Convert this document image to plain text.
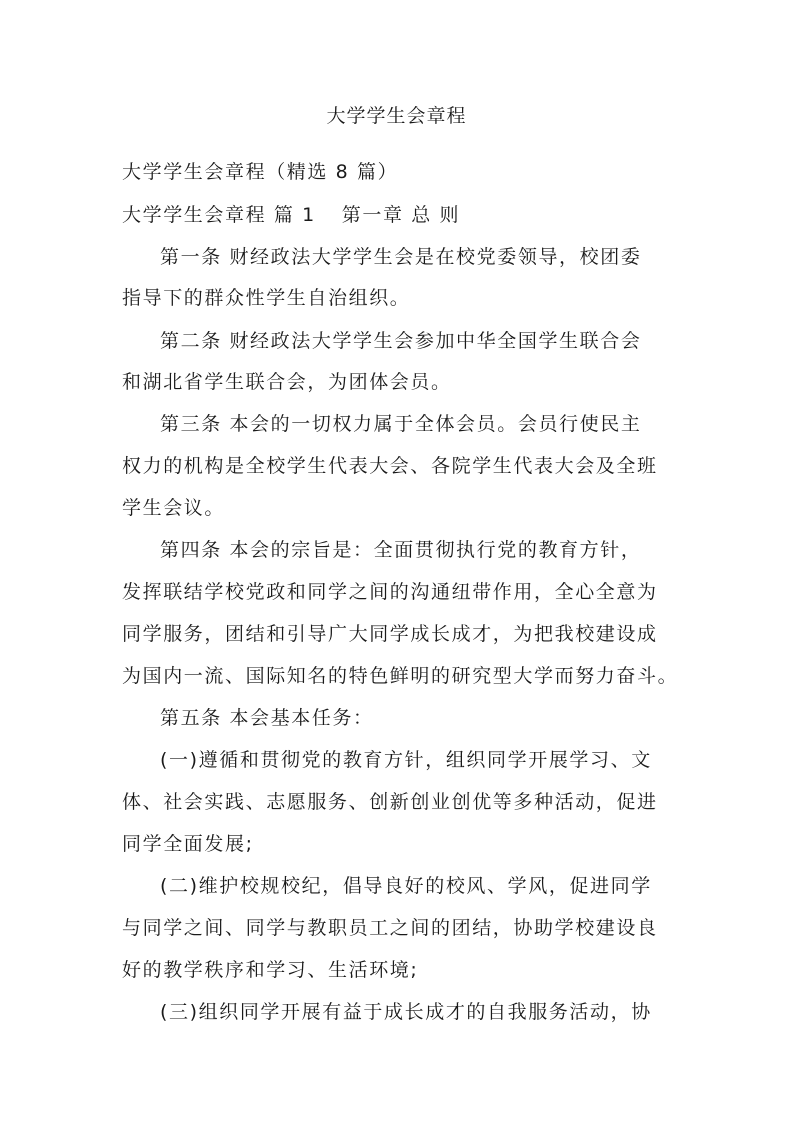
大学学生会章程
大学学生会章程（精选 8 篇）
大学学生会章程 篇 1 第一章 总 则
第一条 财经政法大学学生会是在校党委领导，校团委
指导下的群众性学生自治组织。
第二条 财经政法大学学生会参加中华全国学生联合会
和湖北省学生联合会，为团体会员。
第三条 本会的一切权力属于全体会员。会员行使民主
权力的机构是全校学生代表大会、各院学生代表大会及全班
学生会议。
第四条 本会的宗旨是：全面贯彻执行党的教育方针，
发挥联结学校党政和同学之间的沟通纽带作用，全心全意为
同学服务，团结和引导广大同学成长成才，为把我校建设成
为国内一流、国际知名的特色鲜明的研究型大学而努力奋斗。
第五条 本会基本任务：
(一)遵循和贯彻党的教育方针，组织同学开展学习、文
体、社会实践、志愿服务、创新创业创优等多种活动，促进
同学全面发展;
(二)维护校规校纪，倡导良好的校风、学风，促进同学
与同学之间、同学与教职员工之间的团结，协助学校建设良
好的教学秩序和学习、生活环境;
(三)组织同学开展有益于成长成才的自我服务活动，协
